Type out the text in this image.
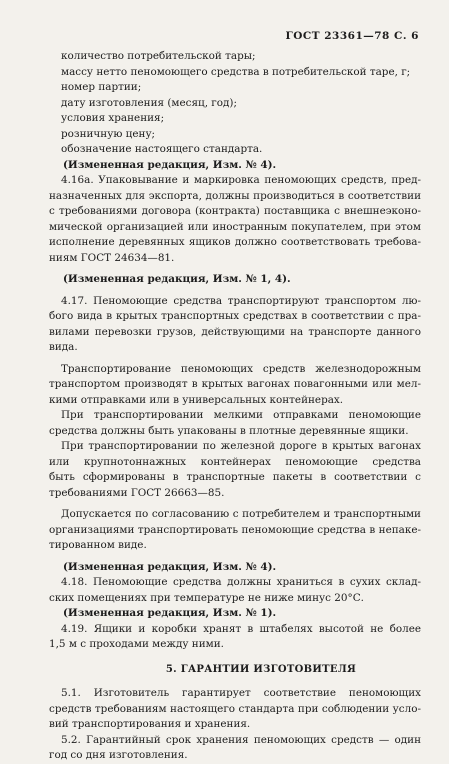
ГОСТ 23361—78 С. 6
количество потребительской тары;
массу нетто пеномоющего средства в потребительской таре, г;
номер партии;
дату изготовления (месяц, год);
условия хранения;
розничную цену;
обозначение настоящего стандарта.
(Измененная редакция, Изм. № 4).
4.16а. Упаковывание и маркировка пеномоющих средств, пред-
назначенных для экспорта, должны производиться в соответствии
с требованиями договора (контракта) поставщика с внешнеэконо-
мической организацией или иностранным покупателем, при этом
исполнение деревянных ящиков должно соответствовать требова-
ниям ГОСТ 24634—81.
(Измененная редакция, Изм. № 1, 4).
4.17. Пеномоющие средства транспортируют транспортом лю-
бого вида в крытых транспортных средствах в соответствии с пра-
вилами перевозки грузов, действующими на транспорте данного
вида.
Транспортирование пеномоющих средств железнодорожным
транспортом производят в крытых вагонах повагонными или мел-
кими отправками или в универсальных контейнерах.
При транспортировании мелкими отправками пеномоющие
средства должны быть упакованы в плотные деревянные ящики.
При транспортировании по железной дороге в крытых вагонах
или крупнотоннажных контейнерах пеномоющие средства
быть сформированы в транспортные пакеты в соответствии с
требованиями ГОСТ 26663—85.
Допускается по согласованию с потребителем и транспортными
организациями транспортировать пеномоющие средства в непаке-
тированном виде.
(Измененная редакция, Изм. № 4).
4.18. Пеномоющие средства должны храниться в сухих склад-
ских помещениях при температуре не ниже минус 20°С.
(Измененная редакция, Изм. № 1).
4.19. Ящики и коробки хранят в штабелях высотой не более
1,5 м с проходами между ними.
5. ГАРАНТИИ ИЗГОТОВИТЕЛЯ
5.1. Изготовитель гарантирует соответствие пеномоющих
средств требованиям настоящего стандарта при соблюдении усло-
вий транспортирования и хранения.
5.2. Гарантийный срок хранения пеномоющих средств — один
год со дня изготовления.
